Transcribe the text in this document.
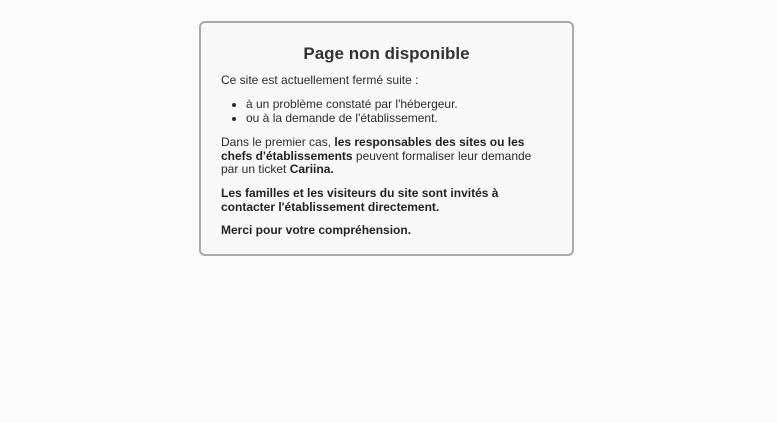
Page non disponible

Ce site est actuellement fermé suite :

• à un problème constaté par l'hébergeur.
• ou à la demande de l'établissement.

Dans le premier cas, les responsables des sites ou les chefs d'établissements peuvent formaliser leur demande par un ticket Cariina.

Les familles et les visiteurs du site sont invités à contacter l'établissement directement.

Merci pour votre compréhension.
